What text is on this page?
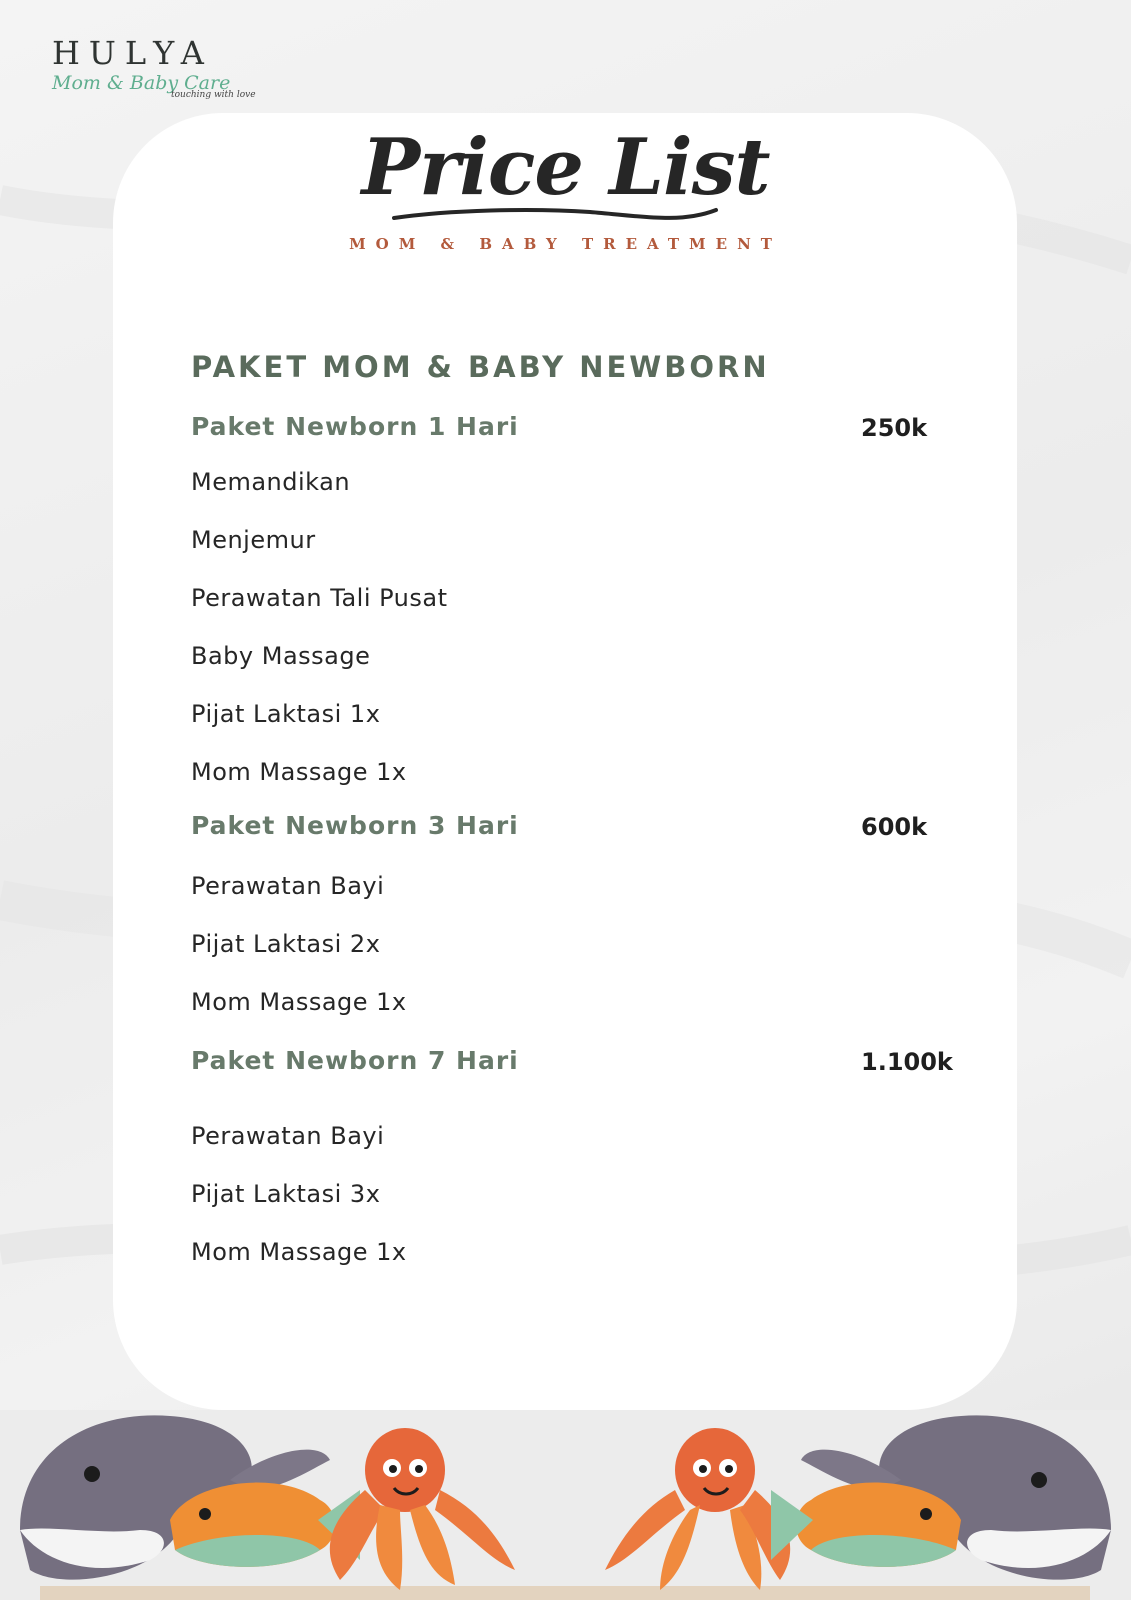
HULYA
Mom & Baby Care
touching with love
Price List
MOM & BABY TREATMENT
PAKET MOM & BABY NEWBORN
Paket Newborn 1 Hari	250k
Memandikan
Menjemur
Perawatan Tali Pusat
Baby Massage
Pijat Laktasi 1x
Mom Massage 1x
Paket Newborn 3 Hari	600k
Perawatan Bayi
Pijat Laktasi 2x
Mom Massage 1x
Paket Newborn 7 Hari	1.100k
Perawatan Bayi
Pijat Laktasi 3x
Mom Massage 1x
